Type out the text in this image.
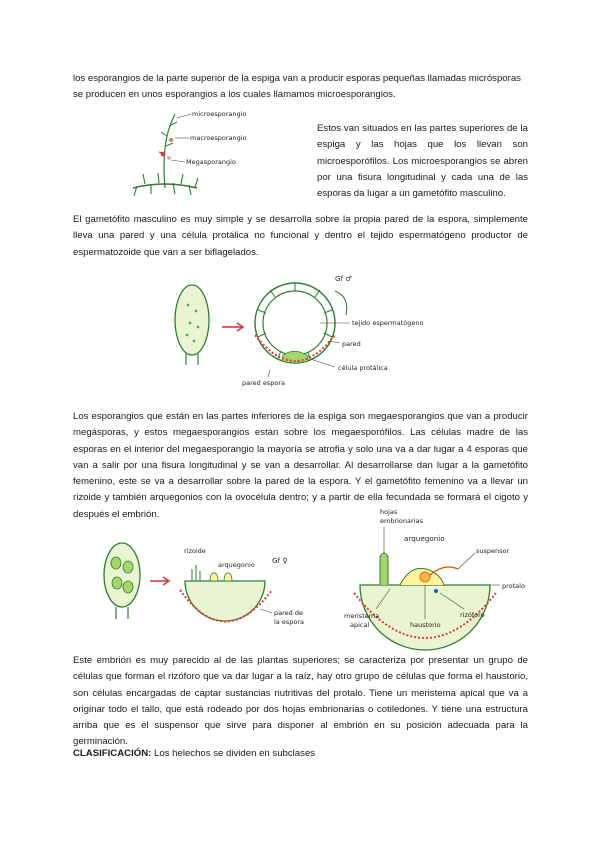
los esporangios de la parte superior de la espiga van a producir esporas pequeñas llamadas micrósporas se producen en unos esporangios a los cuales llamamos microesporangios.

microesporangio
macroesporangio
Megasporangio

Estos van situados en las partes superiores de la espiga y las hojas que los llevan son microesporófilos. Los microesporangios se abren por una fisura longitudinal y cada una de las esporas da lugar a un gametófito masculino.

El gametófito masculino es muy simple y se desarrolla sobre la propia pared de la espora, simplemente lleva una pared y una célula protálica no funcional y dentro el tejido espermatógeno productor de espermatozoide que van a ser biflagelados.

Gf ♂
tejido espermatógeno
pared
célula protálica
pared espora

Los esporangios que están en las partes inferiores de la espiga son megaesporangios que van a producir megásporas, y estos megaesporangios están sobre los megaesporófilos. Las células madre de las esporas en el interior del megaesporangio la mayoría se atrofia y solo una va a dar lugar a 4 esporas que van a salir por una fisura longitudinal y se van a desarrollar. Al desarrollarse dan lugar a la gametófito femenino, este se va a desarrollar sobre la pared de la espora. Y el gametófito femenino va a llevar un rizoide y también arquegonios con la ovocélula dentro; y a partir de ella fecundada se formará el cigoto y después el embrión.

rizoide
arquegonio Gf ♀
pared de
la espora
hojas
embrionarias
arquegonio
suspensor
protalo
meristema
apical	haustorio
rizóforo

Este embrión es muy parecido al de las plantas superiores; se caracteriza por presentar un grupo de células que forman el rizóforo que va dar lugar a la raíz, hay otro grupo de células que forma el haustorio, son células encargadas de captar sustancias nutritivas del protalo. Tiene un meristema apical que va a originar todo el tallo, que está rodeado por dos hojas embrionarias o cotiledones. Y tiene una estructura arriba que es el suspensor que sirve para disponer al embrión en su posición adecuada para la germinación.

CLASIFICACIÓN: Los helechos se dividen en subclases
